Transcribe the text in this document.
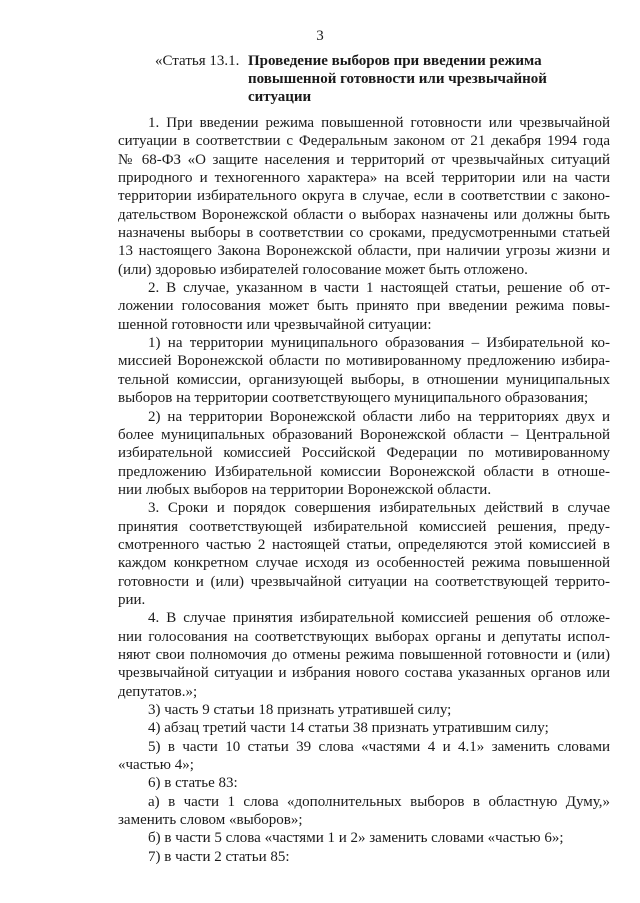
3
«Статья 13.1. Проведение выборов при введении режима
повышенной готовности или чрезвычайной
ситуации
1. При введении режима повышенной готовности или чрезвычайной
ситуации в соответствии с Федеральным законом от 21 декабря 1994 года
№ 68-ФЗ «О защите населения и территорий от чрезвычайных ситуаций
природного и техногенного характера» на всей территории или на части
территории избирательного округа в случае, если в соответствии с законо-
дательством Воронежской области о выборах назначены или должны быть
назначены выборы в соответствии со сроками, предусмотренными статьей
13 настоящего Закона Воронежской области, при наличии угрозы жизни и
(или) здоровью избирателей голосование может быть отложено.
2. В случае, указанном в части 1 настоящей статьи, решение об от-
ложении голосования может быть принято при введении режима повы-
шенной готовности или чрезвычайной ситуации:
1) на территории муниципального образования – Избирательной ко-
миссией Воронежской области по мотивированному предложению избира-
тельной комиссии, организующей выборы, в отношении муниципальных
выборов на территории соответствующего муниципального образования;
2) на территории Воронежской области либо на территориях двух и
более муниципальных образований Воронежской области – Центральной
избирательной комиссией Российской Федерации по мотивированному
предложению Избирательной комиссии Воронежской области в отноше-
нии любых выборов на территории Воронежской области.
3. Сроки и порядок совершения избирательных действий в случае
принятия соответствующей избирательной комиссией решения, преду-
смотренного частью 2 настоящей статьи, определяются этой комиссией в
каждом конкретном случае исходя из особенностей режима повышенной
готовности и (или) чрезвычайной ситуации на соответствующей террито-
рии.
4. В случае принятия избирательной комиссией решения об отложе-
нии голосования на соответствующих выборах органы и депутаты испол-
няют свои полномочия до отмены режима повышенной готовности и (или)
чрезвычайной ситуации и избрания нового состава указанных органов или
депутатов.»;
3) часть 9 статьи 18 признать утратившей силу;
4) абзац третий части 14 статьи 38 признать утратившим силу;
5) в части 10 статьи 39 слова «частями 4 и 4.1» заменить словами
«частью 4»;
6) в статье 83:
а) в части 1 слова «дополнительных выборов в областную Думу,»
заменить словом «выборов»;
б) в части 5 слова «частями 1 и 2» заменить словами «частью 6»;
7) в части 2 статьи 85:
